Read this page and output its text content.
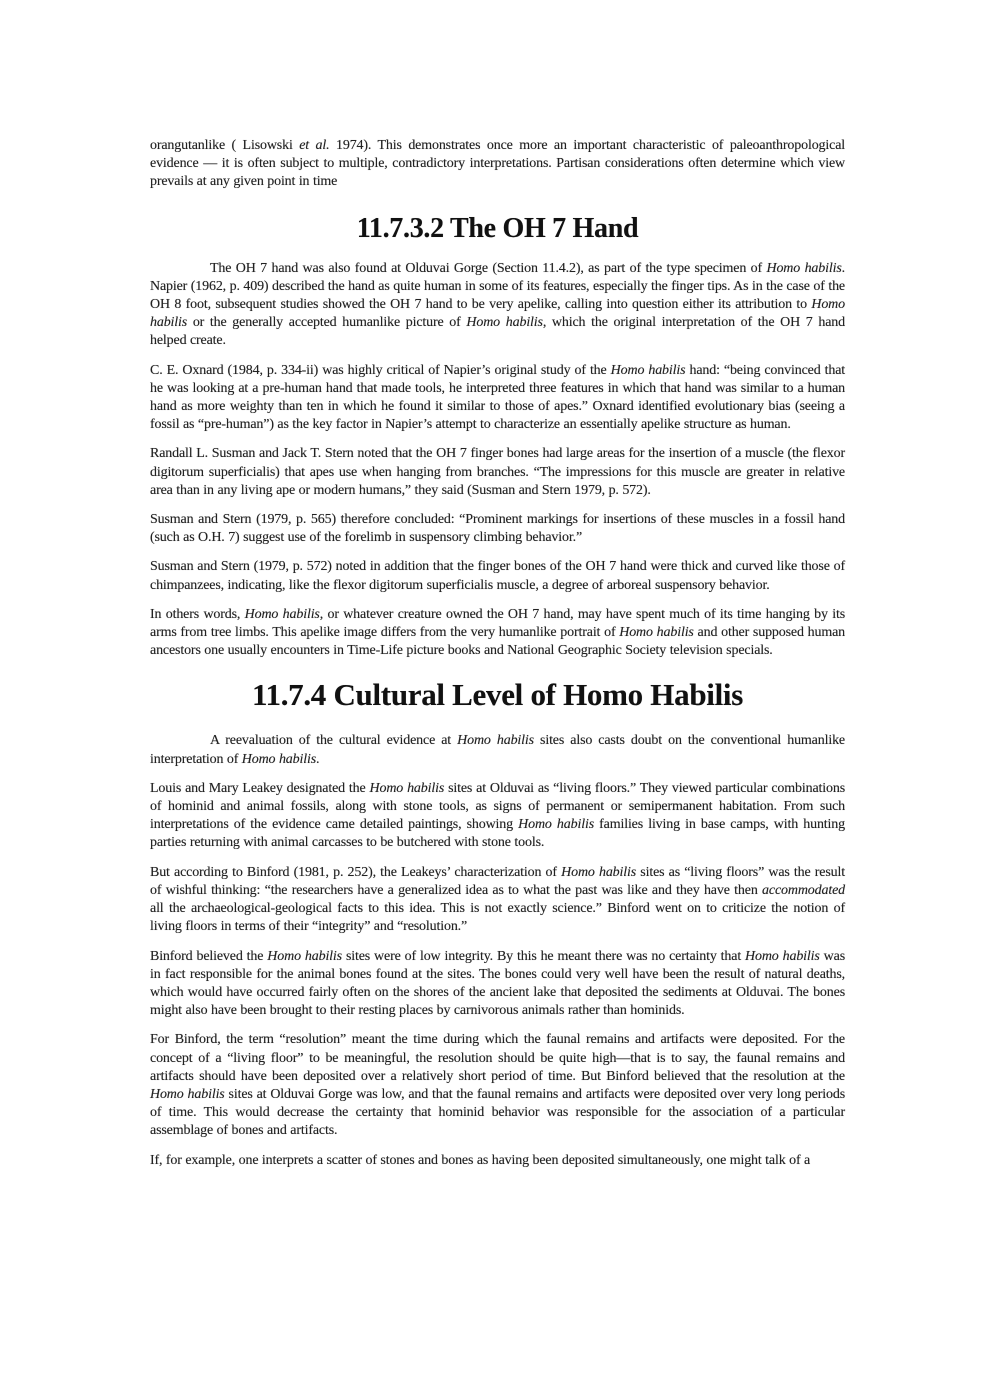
orangutanlike ( Lisowski et al. 1974). This demonstrates once more an important characteristic of paleoanthropological evidence — it is often subject to multiple, contradictory interpretations. Partisan considerations often determine which view prevails at any given point in time

11.7.3.2 The OH 7 Hand

The OH 7 hand was also found at Olduvai Gorge (Section 11.4.2), as part of the type specimen of Homo habilis. Napier (1962, p. 409) described the hand as quite human in some of its features, especially the finger tips. As in the case of the OH 8 foot, subsequent studies showed the OH 7 hand to be very apelike, calling into question either its attribution to Homo habilis or the generally accepted humanlike picture of Homo habilis, which the original interpretation of the OH 7 hand helped create.

C. E. Oxnard (1984, p. 334-ii) was highly critical of Napier’s original study of the Homo habilis hand: “being convinced that he was looking at a pre-human hand that made tools, he interpreted three features in which that hand was similar to a human hand as more weighty than ten in which he found it similar to those of apes.” Oxnard identified evolutionary bias (seeing a fossil as “pre-human”) as the key factor in Napier’s attempt to characterize an essentially apelike structure as human.

Randall L. Susman and Jack T. Stern noted that the OH 7 finger bones had large areas for the insertion of a muscle (the flexor digitorum superficialis) that apes use when hanging from branches. “The impressions for this muscle are greater in relative area than in any living ape or modern humans,” they said (Susman and Stern 1979, p. 572).

Susman and Stern (1979, p. 565) therefore concluded: “Prominent markings for insertions of these muscles in a fossil hand (such as O.H. 7) suggest use of the forelimb in suspensory climbing behavior.”

Susman and Stern (1979, p. 572) noted in addition that the finger bones of the OH 7 hand were thick and curved like those of chimpanzees, indicating, like the flexor digitorum superficialis muscle, a degree of arboreal suspensory behavior.

In others words, Homo habilis, or whatever creature owned the OH 7 hand, may have spent much of its time hanging by its arms from tree limbs. This apelike image differs from the very humanlike portrait of Homo habilis and other supposed human ancestors one usually encounters in Time-Life picture books and National Geographic Society television specials.

11.7.4 Cultural Level of Homo Habilis

A reevaluation of the cultural evidence at Homo habilis sites also casts doubt on the conventional humanlike interpretation of Homo habilis.

Louis and Mary Leakey designated the Homo habilis sites at Olduvai as “living floors.” They viewed particular combinations of hominid and animal fossils, along with stone tools, as signs of permanent or semipermanent habitation. From such interpretations of the evidence came detailed paintings, showing Homo habilis families living in base camps, with hunting parties returning with animal carcasses to be butchered with stone tools.

But according to Binford (1981, p. 252), the Leakeys’ characterization of Homo habilis sites as “living floors” was the result of wishful thinking: “the researchers have a generalized idea as to what the past was like and they have then accommodated all the archaeological-geological facts to this idea. This is not exactly science.” Binford went on to criticize the notion of living floors in terms of their “integrity” and “resolution.”

Binford believed the Homo habilis sites were of low integrity. By this he meant there was no certainty that Homo habilis was in fact responsible for the animal bones found at the sites. The bones could very well have been the result of natural deaths, which would have occurred fairly often on the shores of the ancient lake that deposited the sediments at Olduvai. The bones might also have been brought to their resting places by carnivorous animals rather than hominids.

For Binford, the term “resolution” meant the time during which the faunal remains and artifacts were deposited. For the concept of a “living floor” to be meaningful, the resolution should be quite high—that is to say, the faunal remains and artifacts should have been deposited over a relatively short period of time. But Binford believed that the resolution at the Homo habilis sites at Olduvai Gorge was low, and that the faunal remains and artifacts were deposited over very long periods of time. This would decrease the certainty that hominid behavior was responsible for the association of a particular assemblage of bones and artifacts.

If, for example, one interprets a scatter of stones and bones as having been deposited simultaneously, one might talk of a
